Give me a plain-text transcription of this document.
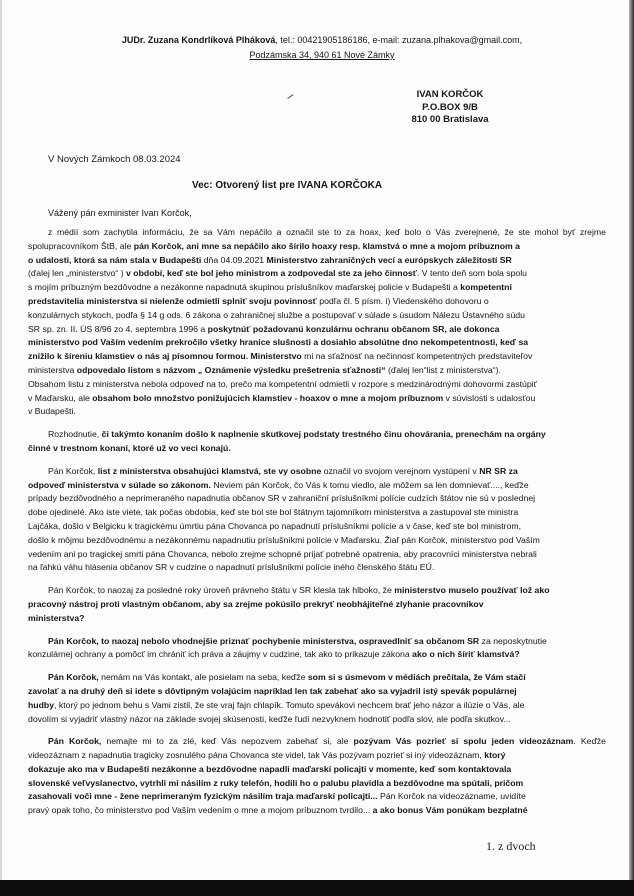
JUDr. Zuzana Kondrlíková Plháková, tel.: 00421905186186, e-mail: zuzana.plhakova@gmail.com,
Podzámska 34, 940 61 Nové Zámky
IVAN KORČOK
P.O.BOX 9/B
810 00 Bratislava
V Nových Zámkoch 08.03.2024
Vec: Otvorený list pre IVANA KORČOKA
Vážený pán exminister Ivan Korčok,
z médií som zachytila informáciu, že sa Vám nepáčilo a označil ste to za hoax, keď bolo o Vás zverejnené, že ste mohol byť zrejme
spolupracovníkom ŠtB, ale pán Korčok, ani mne sa nepáčilo ako šírilo hoaxy resp. klamstvá o mne a mojom príbuznom a
o udalosti, ktorá sa nám stala v Budapešti dňa 04.09.2021 Ministerstvo zahraničných vecí a európskych záležitostí SR
(ďalej len „ministerstvo“ ) v období, keď ste bol jeho ministrom a zodpovedal ste za jeho činnosť. V tento deň som bola spolu
s mojím príbuzným bezdôvodne a nezákonne napadnutá skupinou príslušníkov maďarskej policie v Budapešti a kompetentní
predstavitelia ministerstva si nielenže odmietli splniť svoju povinnosť podľa čl. 5 písm. i) Viedenského dohovoru o
konzulárnych stykoch, podľa § 14 g ods. 6 zákona o zahraničnej službe a postupovať v súlade s úsudom Nálezu Ústavného súdu
SR sp. zn. II. ÚS 8/96 zo 4. septembra 1996 a poskytnúť požadovanú konzulárnu ochranu občanom SR, ale dokonca
ministerstvo pod Vaším vedením prekročilo všetky hranice slušnosti a dosiahlo absolútne dno nekompetentnosti, keď sa
znížilo k šíreniu klamstiev o nás aj písomnou formou. Ministerstvo mi na sťažnosť na nečinnosť kompetentných predstaviteľov
ministerstva odpovedalo listom s názvom „ Oznámenie výsledku prešetrenia sťažnosti“ (ďalej len“list z ministerstva“).
Obsahom listu z ministerstva nebola odpoveď na to, prečo ma kompetentní odmietli v rozpore s medzinárodnými dohovormi zastúpiť
v Maďarsku, ale obsahom bolo množstvo ponižujúcich klamstiev - hoaxov o mne a mojom príbuznom v súvislosti s udalosťou
v Budapešti.
Rozhodnutie, či takýmto konaním došlo k naplnenie skutkovej podstaty trestného činu ohovárania, prenechám na orgány
činné v trestnom konaní, ktoré už vo veci konajú.
Pán Korčok, list z ministerstva obsahujúci klamstvá, ste vy osobne označil vo svojom verejnom vystúpení v NR SR za
odpoveď ministerstva v súlade so zákonom. Neviem pán Korčok, čo Vás k tomu viedlo, ale môžem sa len domnievať...., keďže
prípady bezdôvodného a neprimeraného napadnutia občanov SR v zahraniční príslušníkmi polície cudzích štátov nie sú v poslednej
dobe ojedinelé. Ako iste viete, tak počas obdobia, keď ste bol ste bol štátnym tajomníkom ministerstva a zastupoval ste ministra
Lajčáka, došlo v Belgicku k tragickému úmrtiu pána Chovanca po napadnutí príslušníkmi polície a v čase, keď ste bol ministrom,
došlo k môjmu bezdôvodnému a nezákonnému napadnutiu príslušníkmi polície v Maďarsku. Žiaľ pán Korčok, ministerstvo pod Vaším
vedením ani po tragickej smrti pána Chovanca, nebolo zrejme schopné prijať potrebné opatrenia, aby pracovníci ministerstva nebrali
na ľahkú váhu hlásenia občanov SR v cudzine o napadnutí príslušníkmi polície iného členského štátu EÚ.
Pán Korčok, to naozaj za posledné roky úroveň právneho štátu v SR klesla tak hlboko, že ministerstvo muselo používať lož ako
pracovný nástroj proti vlastným občanom, aby sa zrejme pokúsilo prekryť neobhájiteľné zlyhanie pracovníkov
ministerstva?
Pán Korčok, to naozaj nebolo vhodnejšie priznať pochybenie ministerstva, ospravedlniť sa občanom SR za neposkytnutie
konzulárnej ochrany a pomôcť im chrániť ich práva a záujmy v cudzine, tak ako to prikazuje zákona ako o nich šíriť klamstvá?
Pán Korčok, nemám na Vás kontakt, ale posielam na seba, keďže som si s úsmevom v médiách prečítala, že Vám stačí
zavolať a na druhý deň si idete s dôvtipným volajúcim napríklad len tak zabehať ako sa vyjadril istý spevák populárnej
hudby, ktorý po jednom behu s Vami zistil, že ste vraj fajn chlapík. Tomuto spevákovi nechcem brať jeho názor a ilúzie o Vás, ale
dovolím si vyjadriť vlastný názor na základe svojej skúsenosti, keďže ľudí nezvyknem hodnotiť podľa slov, ale podľa skutkov...
Pán Korčok, nemajte mi to za zlé, keď Vás nepozvem zabehať si, ale pozývam Vás pozrieť si spolu jeden videozáznam. Keďže
videozáznam z napadnutia tragicky zosnulého pána Chovanca ste videl, tak Vás pozývam pozrieť si iný videozáznam, ktorý
dokazuje ako ma v Budapešti nezákonne a bezdôvodne napadli maďarskí policajti v momente, keď som kontaktovala
slovenské veľvyslanectvo, vytrhli mi násilím z ruky telefón, hodili ho o palubu plavidla a bezdôvodne ma spútali, pričom
zasahovali voči mne - žene neprimeraným fyzickým násilím traja maďarskí policajti... Pán Korčok na videozázname, uvidíte
pravý opak toho, čo ministerstvo pod Vaším vedením o mne a mojom príbuznom tvrdilo... a ako bonus Vám ponúkam bezplatné
1. z dvoch
